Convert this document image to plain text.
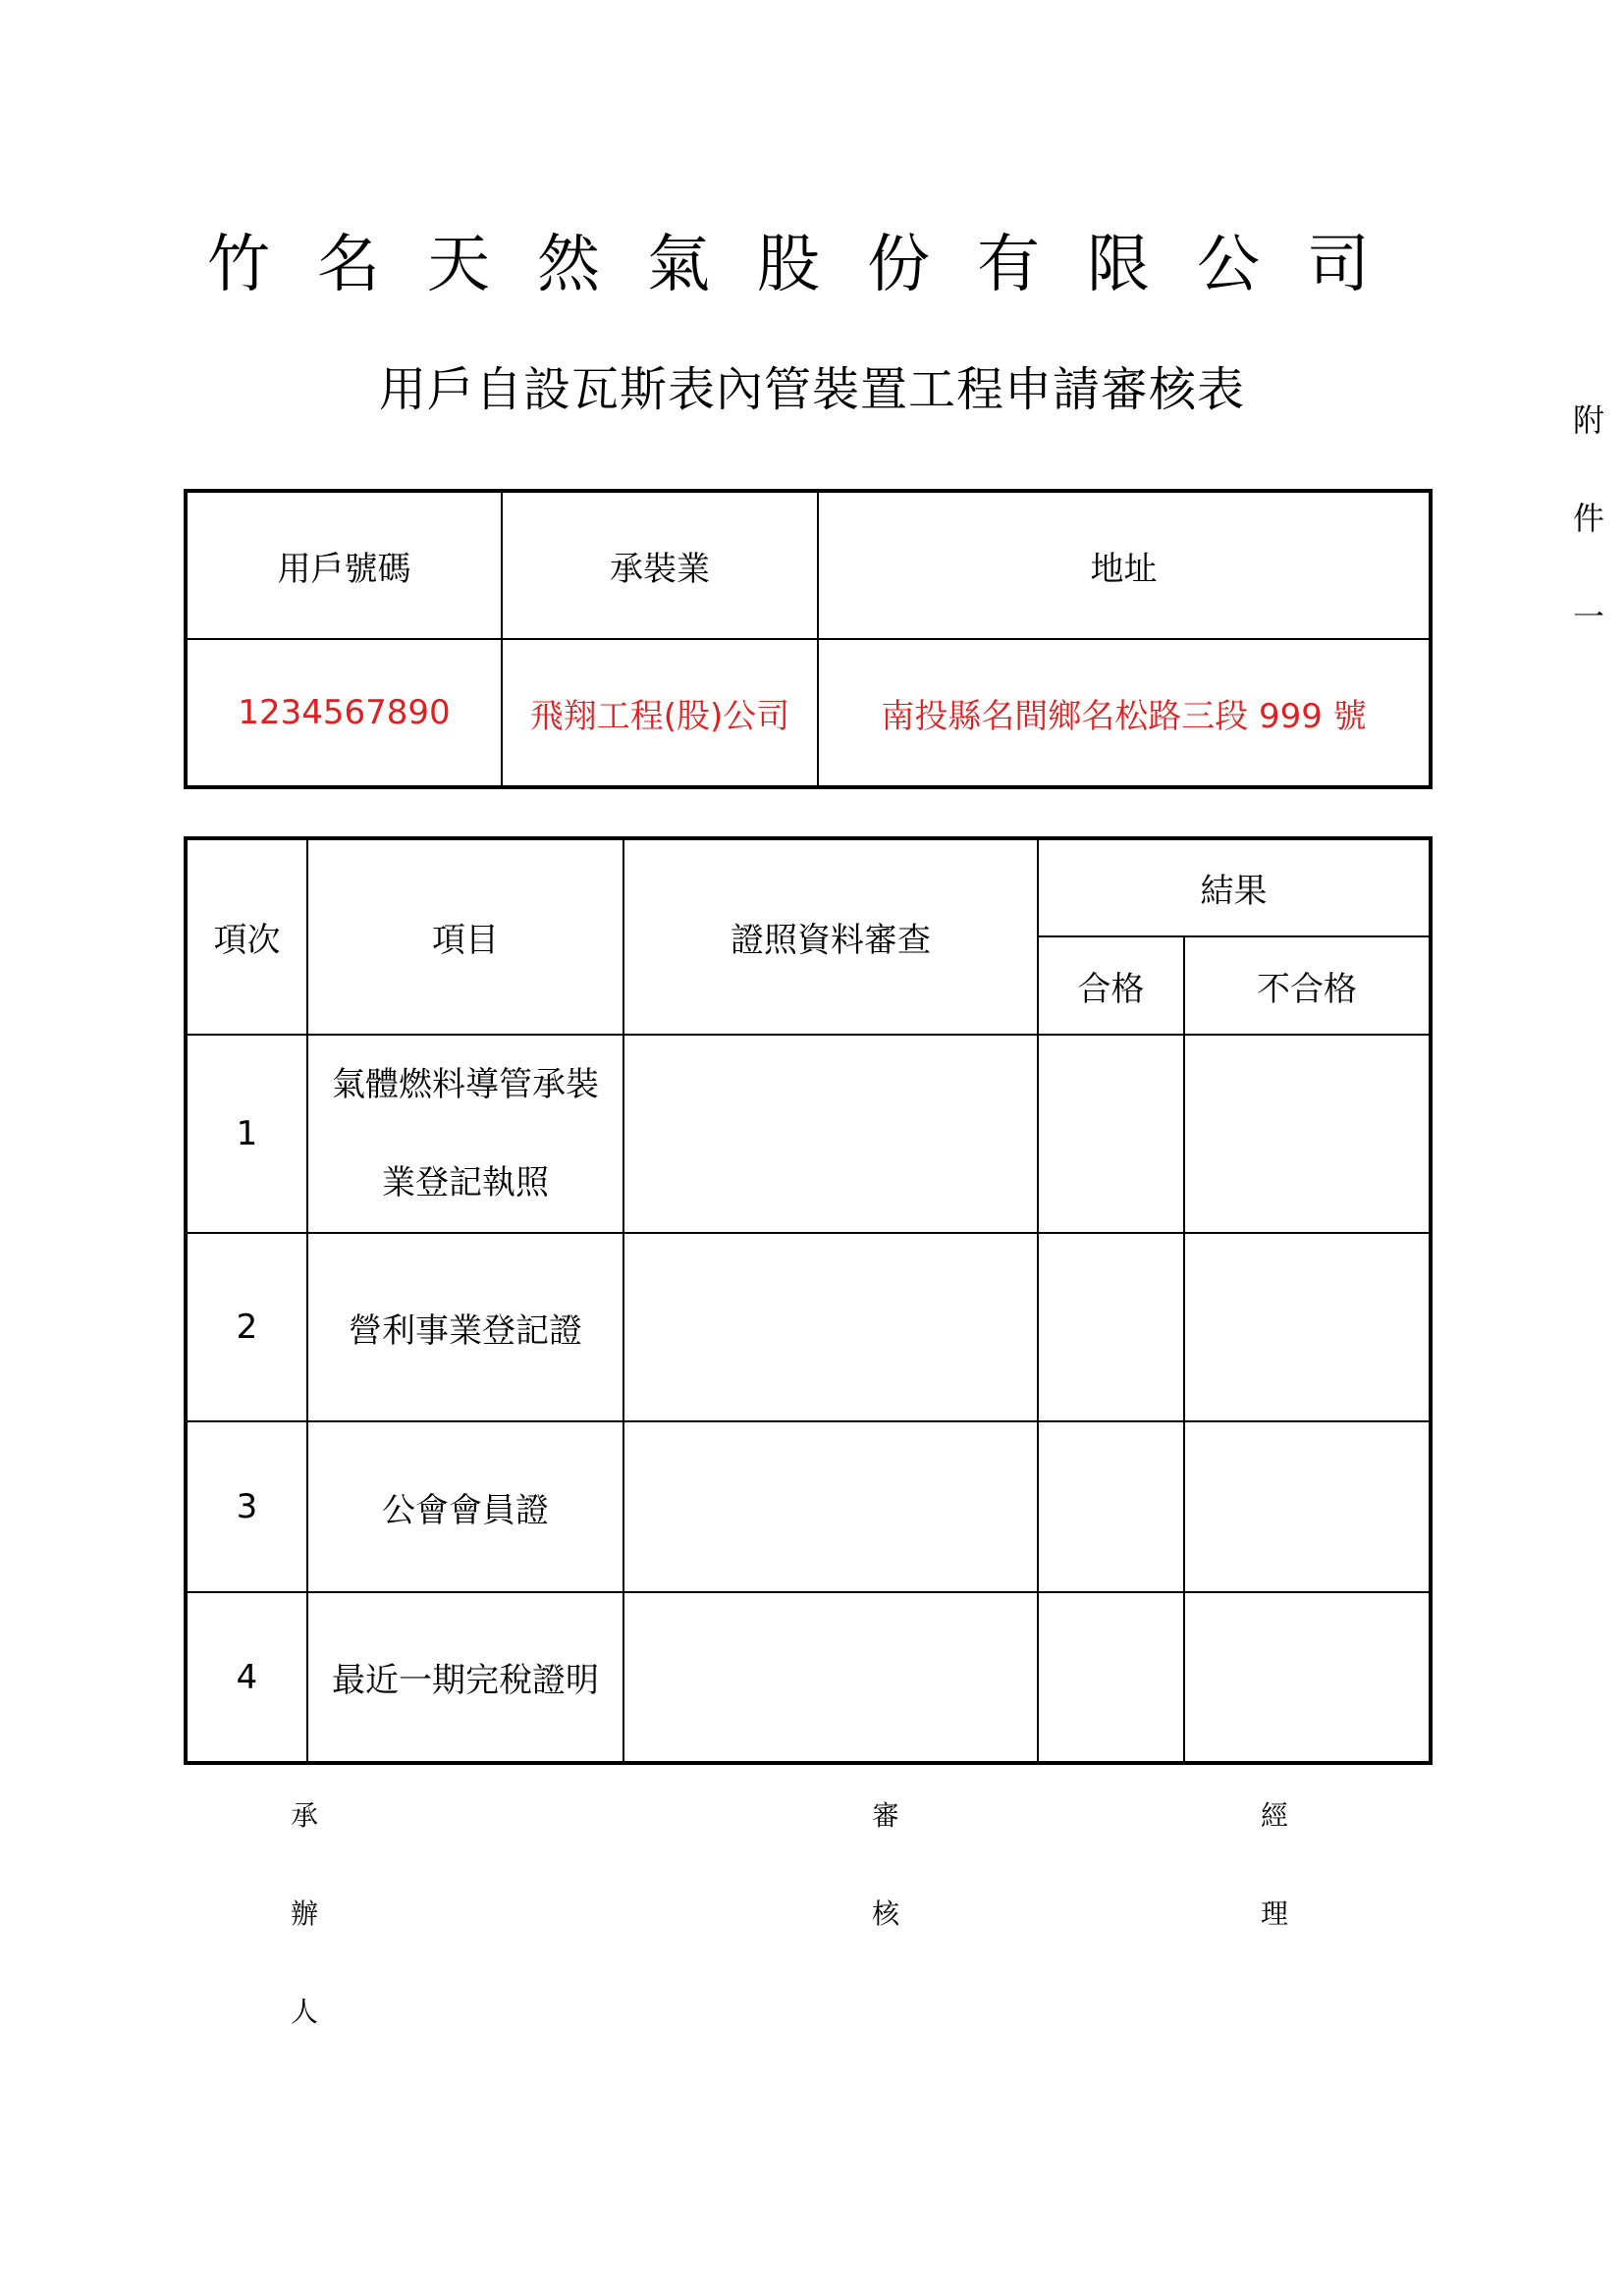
竹名天然氣股份有限公司
用戶自設瓦斯表內管裝置工程申請審核表
附
件
一
用戶號碼	承裝業	地址
1234567890	飛翔工程(股)公司	南投縣名間鄉名松路三段 999 號
項次	項目	證照資料審查	結果	
			合格	不合格
1	氣體燃料導管承裝
業登記執照			

2	營利事業登記證			
3	公會會員證			
4	最近一期完稅證明			
承
辦
人
審
核
經
理
